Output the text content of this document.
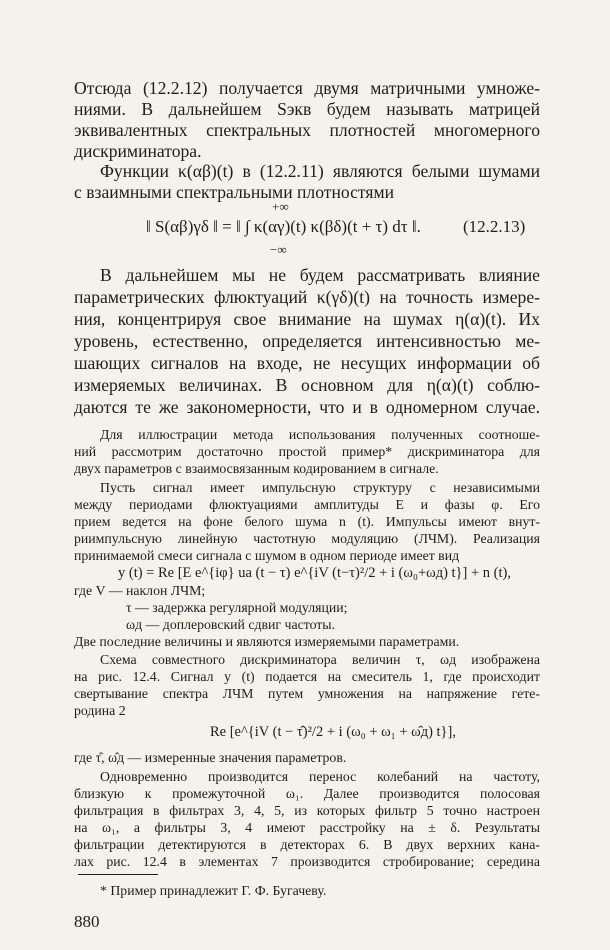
Отсюда (12.2.12) получается двумя матричными умноже-
ниями. В дальнейшем Sэкв будем называть матрицей
эквивалентных спектральных плотностей многомерного
дискриминатора.
Функции κ(αβ)(t) в (12.2.11) являются белыми шумами
с взаимными спектральными плотностями
+∞
‖ S(αβ)γδ ‖ = ‖ ∫ κ(αγ)(t) κ(βδ)(t + τ) dτ ‖.
−∞
(12.2.13)
В дальнейшем мы не будем рассматривать влияние
параметрических флюктуаций κ(γδ)(t) на точность измере-
ния, концентрируя свое внимание на шумах η(α)(t). Их
уровень, естественно, определяется интенсивностью ме-
шающих сигналов на входе, не несущих информации об
измеряемых величинах. В основном для η(α)(t) соблю-
даются те же закономерности, что и в одномерном случае.
Для иллюстрации метода использования полученных соотноше-
ний рассмотрим достаточно простой пример* дискриминатора для
двух параметров с взаимосвязанным кодированием в сигнале.
Пусть сигнал имеет импульсную структуру с независимыми
между периодами флюктуациями амплитуды E и фазы φ. Его
прием ведется на фоне белого шума n (t). Импульсы имеют внут-
риимпульсную линейную частотную модуляцию (ЛЧМ). Реализация
принимаемой смеси сигнала с шумом в одном периоде имеет вид
y (t) = Re [E e^{iφ} uа (t − τ) e^{iV (t−τ)²/2 + i (ω₀+ωд) t}] + n (t),
где V — наклон ЛЧМ;
τ — задержка регулярной модуляции;
ωд — доплеровский сдвиг частоты.
Две последние величины и являются измеряемыми параметрами.
Схема совместного дискриминатора величин τ, ωд изображена
на рис. 12.4. Сигнал y (t) подается на смеситель 1, где происходит
свертывание спектра ЛЧМ путем умножения на напряжение гете-
родина 2
Re [e^{iV (t − τ̂)²/2 + i (ω₀ + ω₁ + ω̂д) t}],
где τ̂, ω̂д — измеренные значения параметров.
Одновременно производится перенос колебаний на частоту,
близкую к промежуточной ω₁. Далее производится полосовая
фильтрация в фильтрах 3, 4, 5, из которых фильтр 5 точно настроен
на ω₁, а фильтры 3, 4 имеют расстройку на ± δ. Результаты
фильтрации детектируются в детекторах 6. В двух верхних кана-
лах рис. 12.4 в элементах 7 производится стробирование; середина
* Пример принадлежит Г. Ф. Бугачеву.
880
